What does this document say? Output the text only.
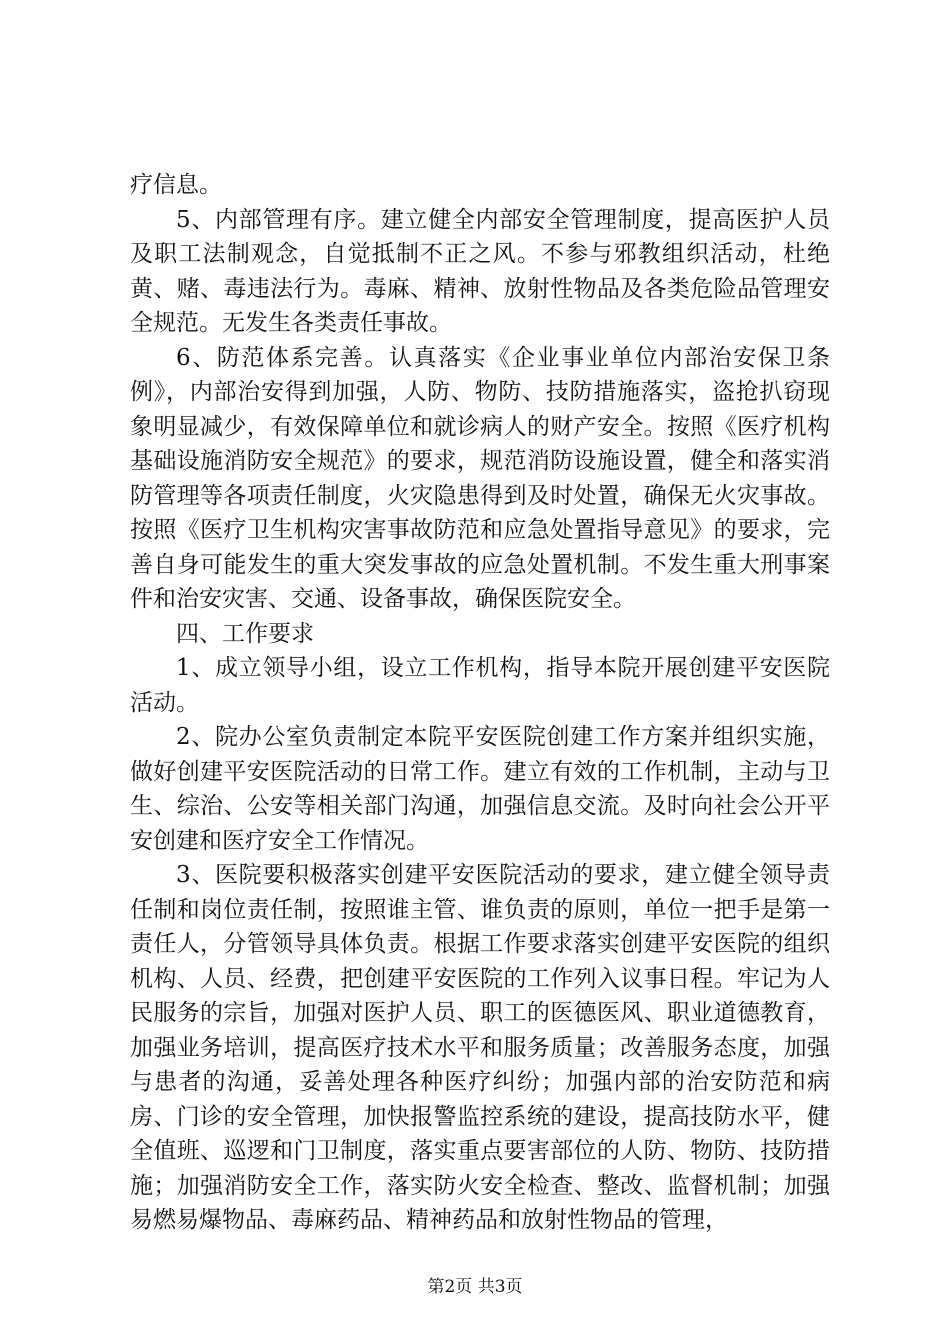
疗信息。

5、内部管理有序。建立健全内部安全管理制度，提高医护人员及职工法制观念，自觉抵制不正之风。不参与邪教组织活动，杜绝黄、赌、毒违法行为。毒麻、精神、放射性物品及各类危险品管理安全规范。无发生各类责任事故。

6、防范体系完善。认真落实《企业事业单位内部治安保卫条例》，内部治安得到加强，人防、物防、技防措施落实，盗抢扒窃现象明显减少，有效保障单位和就诊病人的财产安全。按照《医疗机构基础设施消防安全规范》的要求，规范消防设施设置，健全和落实消防管理等各项责任制度，火灾隐患得到及时处置，确保无火灾事故。按照《医疗卫生机构灾害事故防范和应急处置指导意见》的要求，完善自身可能发生的重大突发事故的应急处置机制。不发生重大刑事案件和治安灾害、交通、设备事故，确保医院安全。

四、工作要求

1、成立领导小组，设立工作机构，指导本院开展创建平安医院活动。

2、院办公室负责制定本院平安医院创建工作方案并组织实施，做好创建平安医院活动的日常工作。建立有效的工作机制，主动与卫生、综治、公安等相关部门沟通，加强信息交流。及时向社会公开平安创建和医疗安全工作情况。

3、医院要积极落实创建平安医院活动的要求，建立健全领导责任制和岗位责任制，按照谁主管、谁负责的原则，单位一把手是第一责任人，分管领导具体负责。根据工作要求落实创建平安医院的组织机构、人员、经费，把创建平安医院的工作列入议事日程。牢记为人民服务的宗旨，加强对医护人员、职工的医德医风、职业道德教育，加强业务培训，提高医疗技术水平和服务质量；改善服务态度，加强与患者的沟通，妥善处理各种医疗纠纷；加强内部的治安防范和病房、门诊的安全管理，加快报警监控系统的建设，提高技防水平，健全值班、巡逻和门卫制度，落实重点要害部位的人防、物防、技防措施；加强消防安全工作，落实防火安全检查、整改、监督机制；加强易燃易爆物品、毒麻药品、精神药品和放射性物品的管理，

第2页 共3页
